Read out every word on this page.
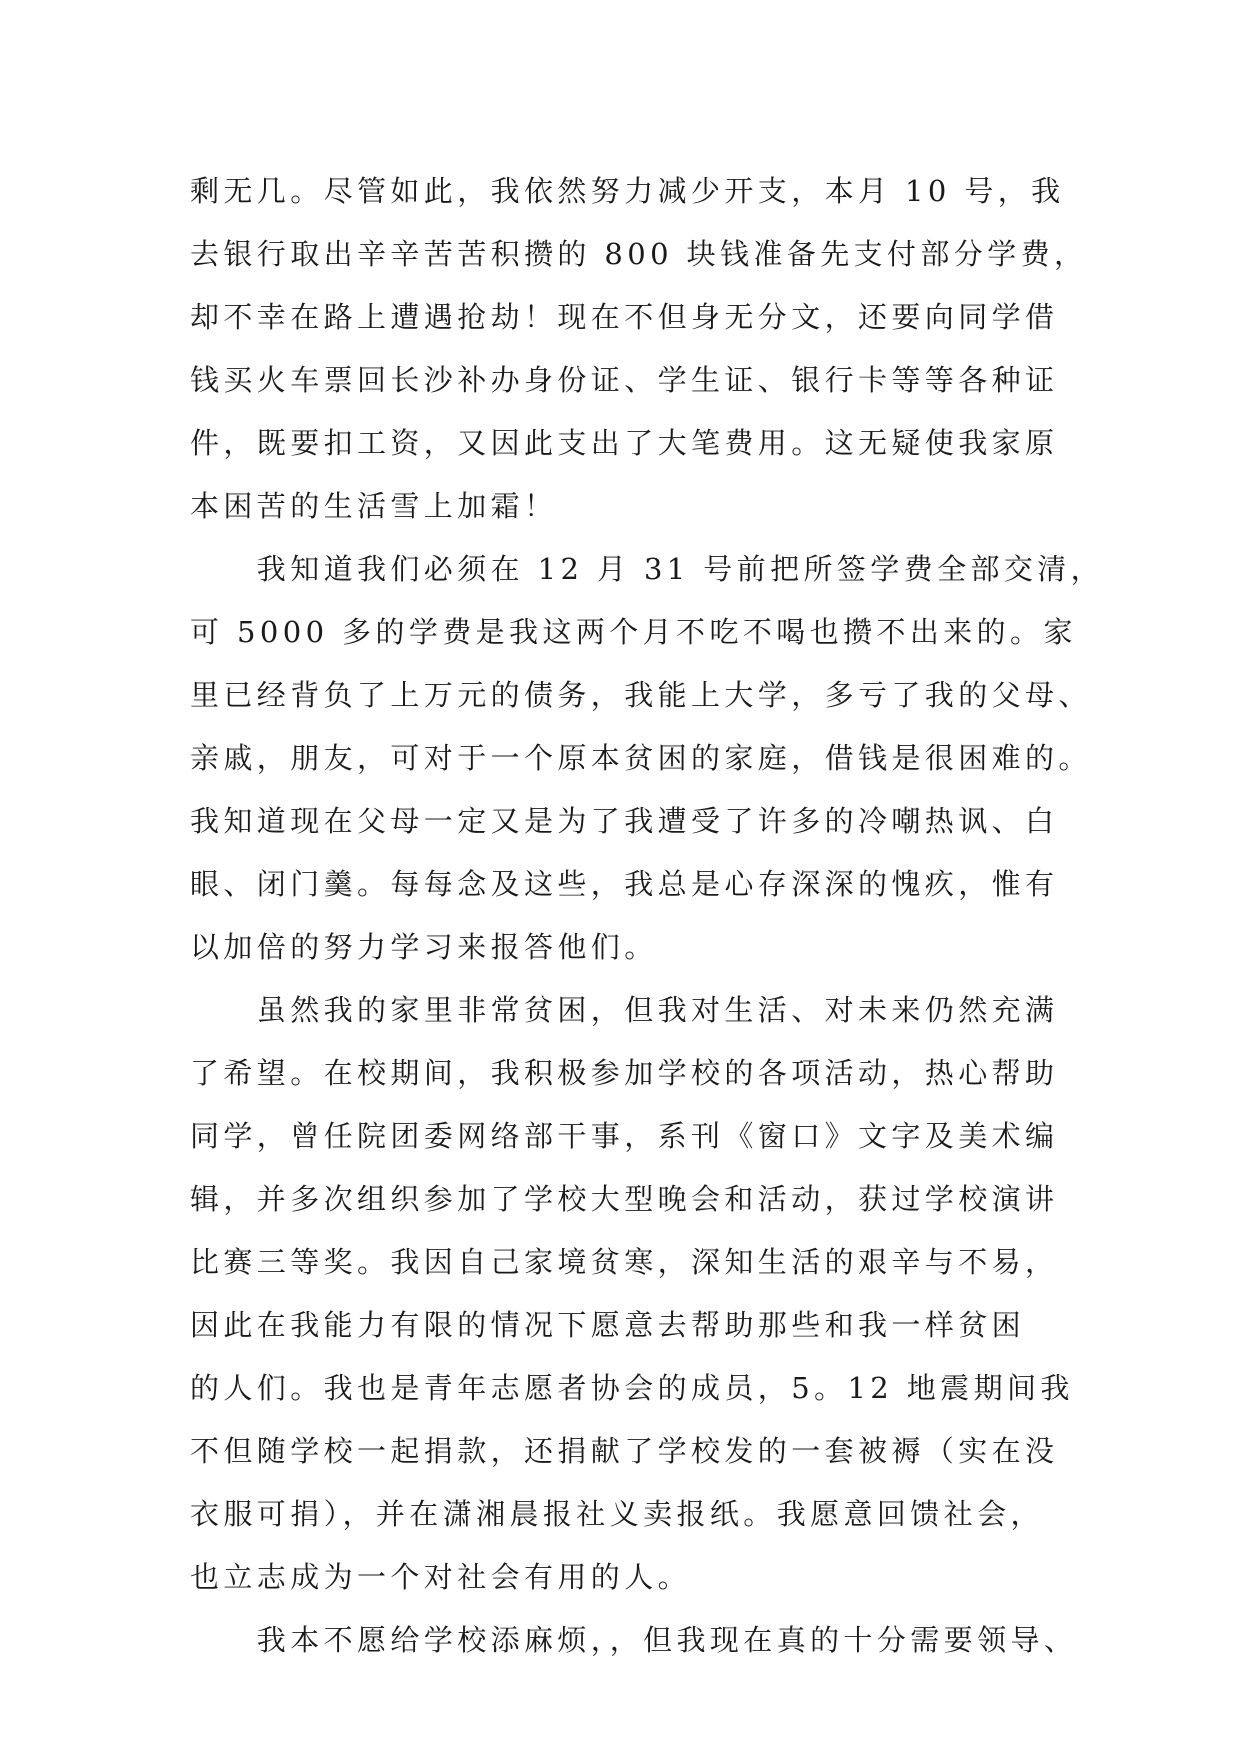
剩无几。尽管如此，我依然努力减少开支，本月 10 号，我
去银行取出辛辛苦苦积攒的 800 块钱准备先支付部分学费，
却不幸在路上遭遇抢劫！现在不但身无分文，还要向同学借
钱买火车票回长沙补办身份证、学生证、银行卡等等各种证
件，既要扣工资，又因此支出了大笔费用。这无疑使我家原
本困苦的生活雪上加霜！
　　我知道我们必须在 12 月 31 号前把所签学费全部交清，
可 5000 多的学费是我这两个月不吃不喝也攒不出来的。家
里已经背负了上万元的债务，我能上大学，多亏了我的父母、
亲戚，朋友，可对于一个原本贫困的家庭，借钱是很困难的。
我知道现在父母一定又是为了我遭受了许多的冷嘲热讽、白
眼、闭门羹。每每念及这些，我总是心存深深的愧疚，惟有
以加倍的努力学习来报答他们。
　　虽然我的家里非常贫困，但我对生活、对未来仍然充满
了希望。在校期间，我积极参加学校的各项活动，热心帮助
同学，曾任院团委网络部干事，系刊《窗口》文字及美术编
辑，并多次组织参加了学校大型晚会和活动，获过学校演讲
比赛三等奖。我因自己家境贫寒，深知生活的艰辛与不易，
因此在我能力有限的情况下愿意去帮助那些和我一样贫困
的人们。我也是青年志愿者协会的成员，5。12 地震期间我
不但随学校一起捐款，还捐献了学校发的一套被褥（实在没
衣服可捐），并在潇湘晨报社义卖报纸。我愿意回馈社会，
也立志成为一个对社会有用的人。
　　我本不愿给学校添麻烦，，但我现在真的十分需要领导、
